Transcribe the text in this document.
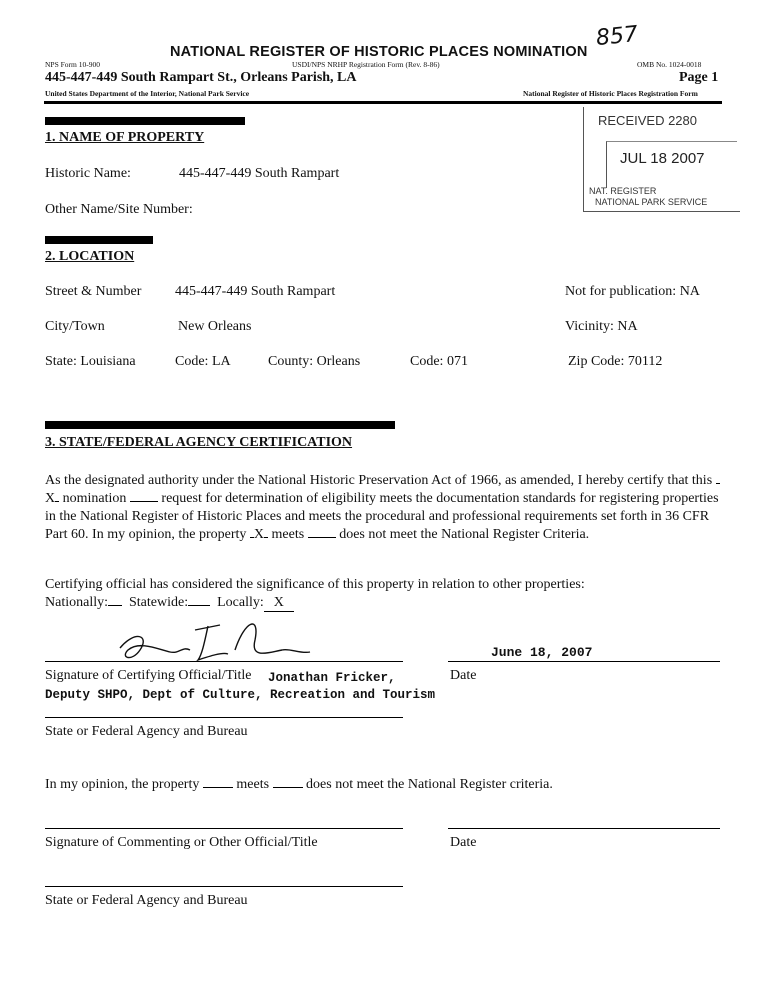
NATIONAL REGISTER OF HISTORIC PLACES NOMINATION
857
NPS Form 10-900	USDI/NPS NRHP Registration Form (Rev. 8-86)	OMB No. 1024-0018
445-447-449 South Rampart St., Orleans Parish, LA	Page 1
United States Department of the Interior, National Park Service	National Register of Historic Places Registration Form
RECEIVED 2280
JUL 18 2007
NAT. REGISTER
NATIONAL PARK SERVICE
1. NAME OF PROPERTY
Historic Name:	445-447-449 South Rampart
Other Name/Site Number:
2. LOCATION
Street & Number 445-447-449 South Rampart	Not for publication: NA
City/Town	New Orleans	Vicinity: NA
State: Louisiana	Code: LA	County: Orleans	Code: 071	Zip Code: 70112
3. STATE/FEDERAL AGENCY CERTIFICATION
As the designated authority under the National Historic Preservation Act of 1966, as amended, I hereby certify that this X nomination  request for determination of eligibility meets the documentation standards for registering properties in the National Register of Historic Places and meets the procedural and professional requirements set forth in 36 CFR Part 60. In my opinion, the property X meets  does not meet the National Register Criteria.
Certifying official has considered the significance of this property in relation to other properties:
Nationally: Statewide: Locally: X
June 18, 2007
Signature of Certifying Official/Title Jonathan Fricker,	Date
Deputy SHPO, Dept of Culture, Recreation and Tourism
State or Federal Agency and Bureau
In my opinion, the property  meets  does not meet the National Register criteria.
Signature of Commenting or Other Official/Title	Date
State or Federal Agency and Bureau
